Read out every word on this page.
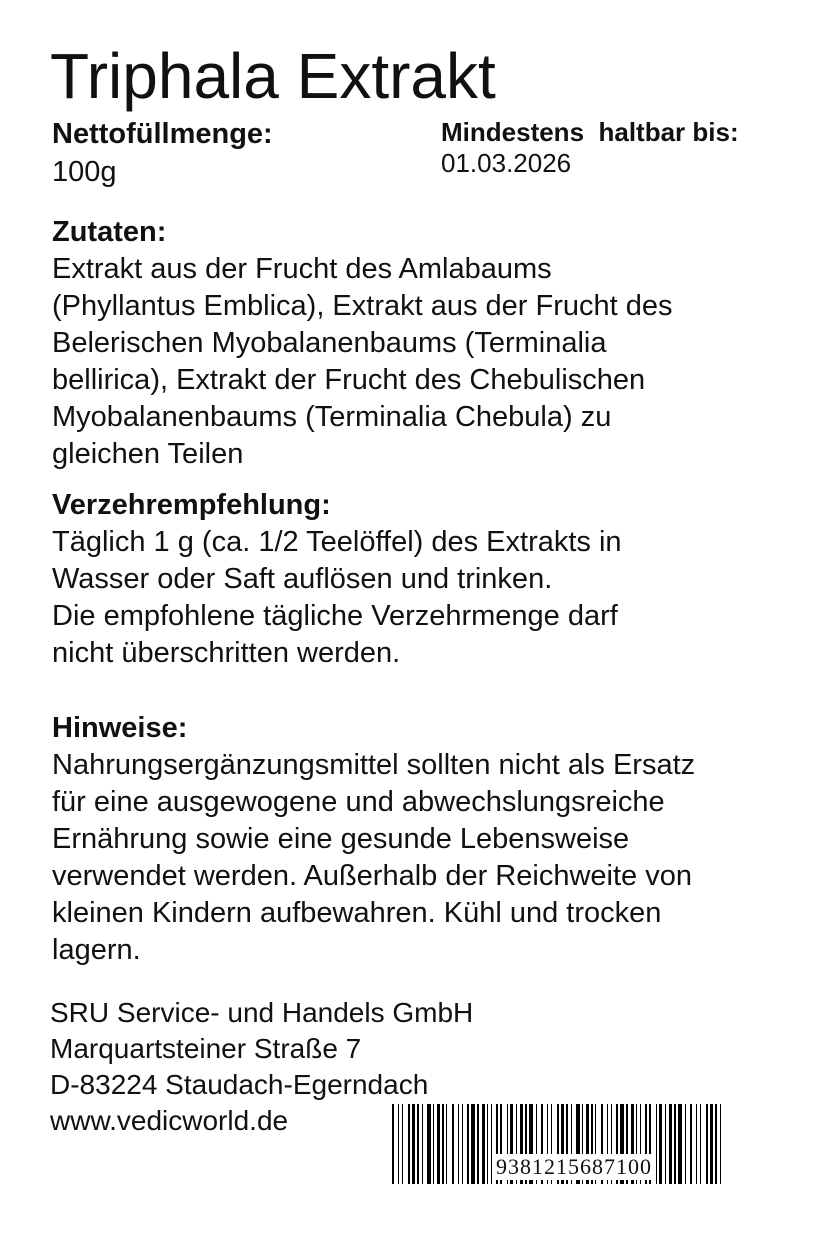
Triphala Extrakt
Nettofüllmenge:
100g
Mindestens  haltbar bis:
01.03.2026
Zutaten:
Extrakt aus der Frucht des Amlabaums
(Phyllantus Emblica), Extrakt aus der Frucht des
Belerischen Myobalanenbaums (Terminalia
bellirica), Extrakt der Frucht des Chebulischen
Myobalanenbaums (Terminalia Chebula) zu
gleichen Teilen
Verzehrempfehlung:
Täglich 1 g (ca. 1/2 Teelöffel) des Extrakts in
Wasser oder Saft auflösen und trinken.
Die empfohlene tägliche Verzehrmenge darf
nicht überschritten werden.
Hinweise:
Nahrungsergänzungsmittel sollten nicht als Ersatz
für eine ausgewogene und abwechslungsreiche
Ernährung sowie eine gesunde Lebensweise
verwendet werden. Außerhalb der Reichweite von
kleinen Kindern aufbewahren. Kühl und trocken
lagern.
SRU Service- und Handels GmbH
Marquartsteiner Straße 7
D-83224 Staudach-Egerndach
www.vedicworld.de
9381215687100
